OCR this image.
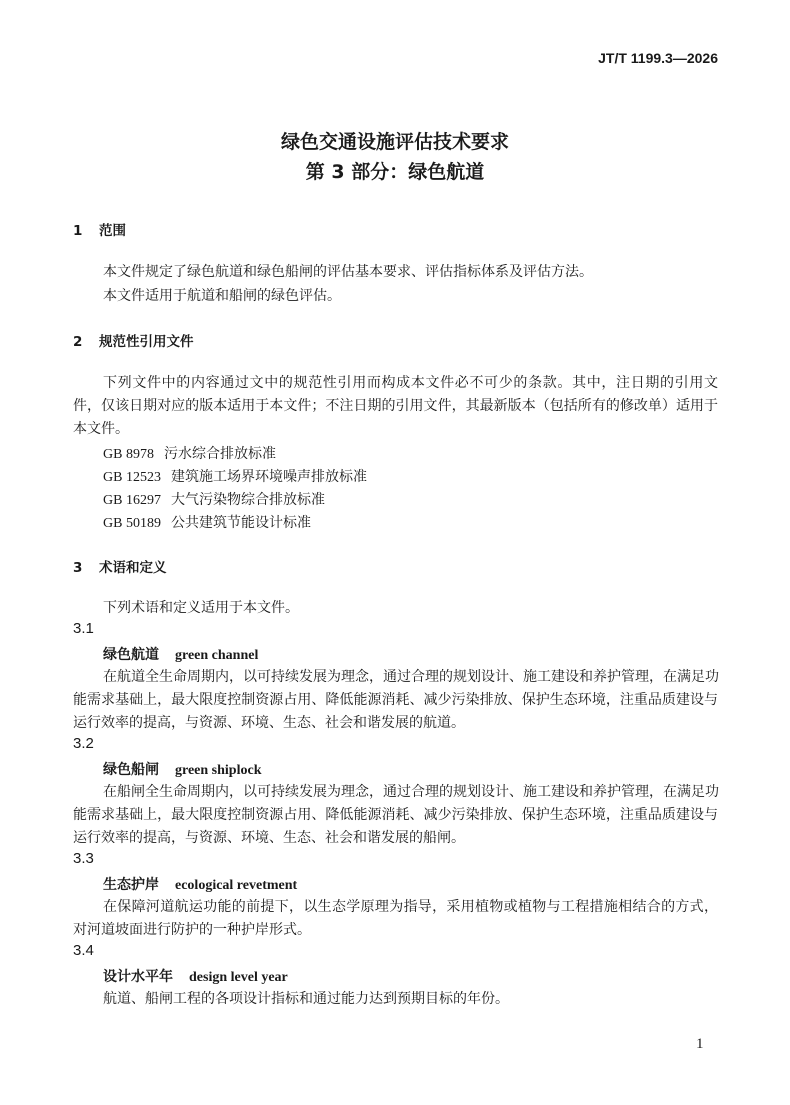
JT/T 1199.3—2026
绿色交通设施评估技术要求
第 3 部分：绿色航道
1 范围
本文件规定了绿色航道和绿色船闸的评估基本要求、评估指标体系及评估方法。
本文件适用于航道和船闸的绿色评估。
2 规范性引用文件
下列文件中的内容通过文中的规范性引用而构成本文件必不可少的条款。其中，注日期的引用文
件，仅该日期对应的版本适用于本文件；不注日期的引用文件，其最新版本（包括所有的修改单）适用于
本文件。
GB 8978 污水综合排放标准
GB 12523 建筑施工场界环境噪声排放标准
GB 16297 大气污染物综合排放标准
GB 50189 公共建筑节能设计标准
3 术语和定义
下列术语和定义适用于本文件。
3.1
绿色航道 green channel
在航道全生命周期内，以可持续发展为理念，通过合理的规划设计、施工建设和养护管理，在满足功
能需求基础上，最大限度控制资源占用、降低能源消耗、减少污染排放、保护生态环境，注重品质建设与
运行效率的提高，与资源、环境、生态、社会和谐发展的航道。
3.2
绿色船闸 green shiplock
在船闸全生命周期内，以可持续发展为理念，通过合理的规划设计、施工建设和养护管理，在满足功
能需求基础上，最大限度控制资源占用、降低能源消耗、减少污染排放、保护生态环境，注重品质建设与
运行效率的提高，与资源、环境、生态、社会和谐发展的船闸。
3.3
生态护岸 ecological revetment
在保障河道航运功能的前提下，以生态学原理为指导，采用植物或植物与工程措施相结合的方式，
对河道坡面进行防护的一种护岸形式。
3.4
设计水平年 design level year
航道、船闸工程的各项设计指标和通过能力达到预期目标的年份。
1
